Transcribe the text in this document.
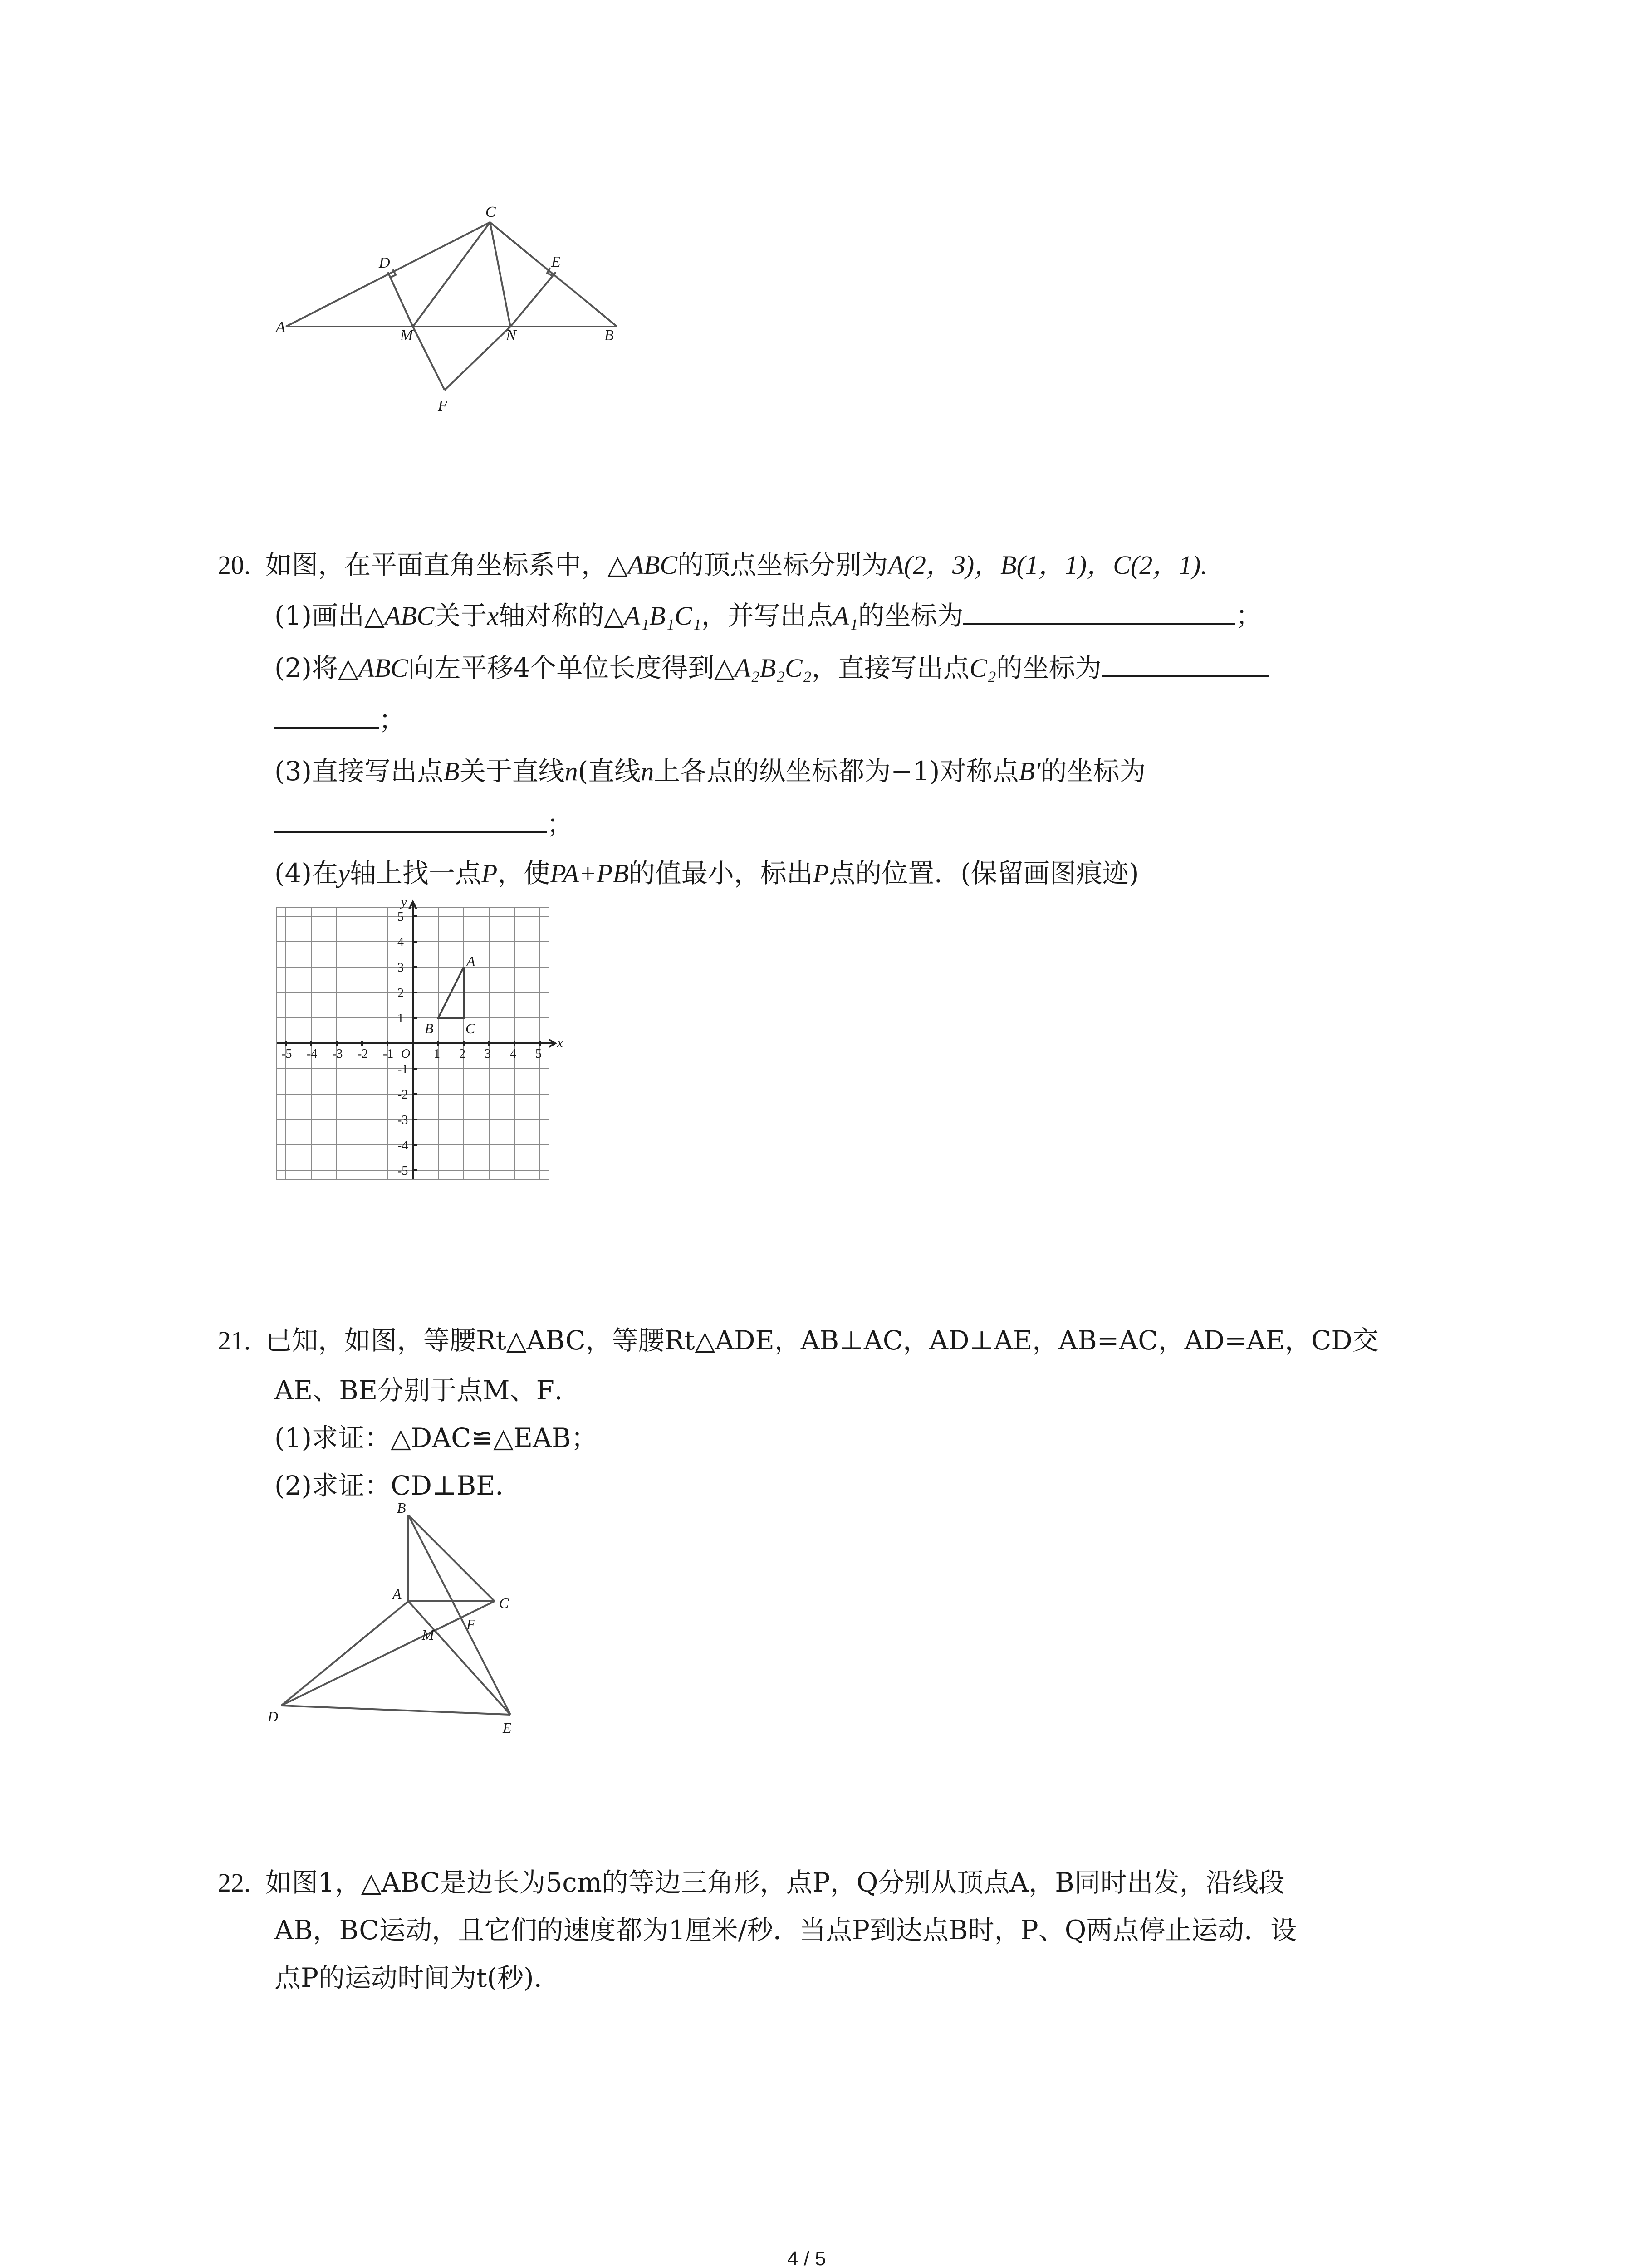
C
D	E
A	M	N	B
F
20. 如图，在平面直角坐标系中，△ABC的顶点坐标分别为A(2，3)，B(1，1)，C(2，1).
(1)画出△ABC关于x轴对称的△A₁B₁C₁，并写出点A₁的坐标为	；
(2)将△ABC向左平移4个单位长度得到△A₂B₂C₂，直接写出点C₂的坐标为
；
(3)直接写出点B关于直线n(直线n上各点的纵坐标都为−1)对称点B′的坐标为
；
(4)在y轴上找一点P，使PA+PB的值最小，标出P点的位置．(保留画图痕迹)
-5 -4 -3 -2 -1	1 2 3 4 5
5
4
3
2
1
-1
-2
-3
-4
-5
O
x
y
A
B C
21. 已知，如图，等腰Rt△ABC，等腰Rt△ADE，AB⊥AC，AD⊥AE，AB=AC，AD=AE，CD交
AE、BE分别于点M、F．
(1)求证：△DAC≌△EAB；
(2)求证：CD⊥BE．
B
A
C
F
M
D
E
22. 如图1，△ABC是边长为5cm的等边三角形，点P，Q分别从顶点A，B同时出发，沿线段
AB，BC运动，且它们的速度都为1厘米/秒．当点P到达点B时，P、Q两点停止运动．设
点P的运动时间为t(秒)．
4 / 5
